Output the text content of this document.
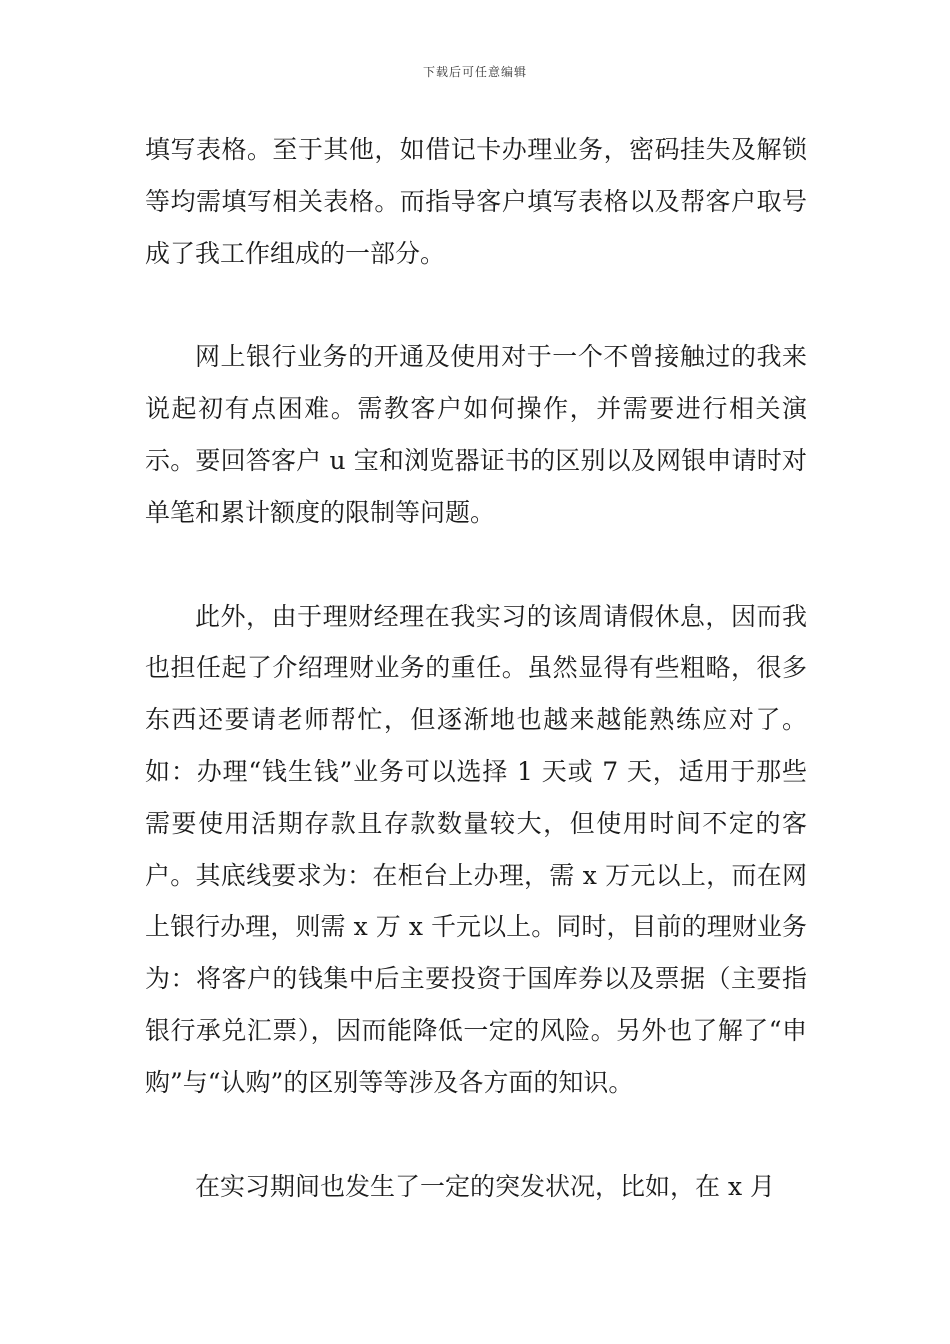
下载后可任意编辑

填写表格。至于其他，如借记卡办理业务，密码挂失及解锁等均需填写相关表格。而指导客户填写表格以及帮客户取号成了我工作组成的一部分。

网上银行业务的开通及使用对于一个不曾接触过的我来说起初有点困难。需教客户如何操作，并需要进行相关演示。要回答客户 u 宝和浏览器证书的区别以及网银申请时对单笔和累计额度的限制等问题。

此外，由于理财经理在我实习的该周请假休息，因而我也担任起了介绍理财业务的重任。虽然显得有些粗略，很多东西还要请老师帮忙，但逐渐地也越来越能熟练应对了。如：办理“钱生钱”业务可以选择 1 天或 7 天，适用于那些需要使用活期存款且存款数量较大，但使用时间不定的客户。其底线要求为：在柜台上办理，需 x 万元以上，而在网上银行办理，则需 x 万 x 千元以上。同时，目前的理财业务为：将客户的钱集中后主要投资于国库券以及票据（主要指银行承兑汇票），因而能降低一定的风险。另外也了解了“申购”与“认购”的区别等等涉及各方面的知识。

在实习期间也发生了一定的突发状况，比如，在 x 月
